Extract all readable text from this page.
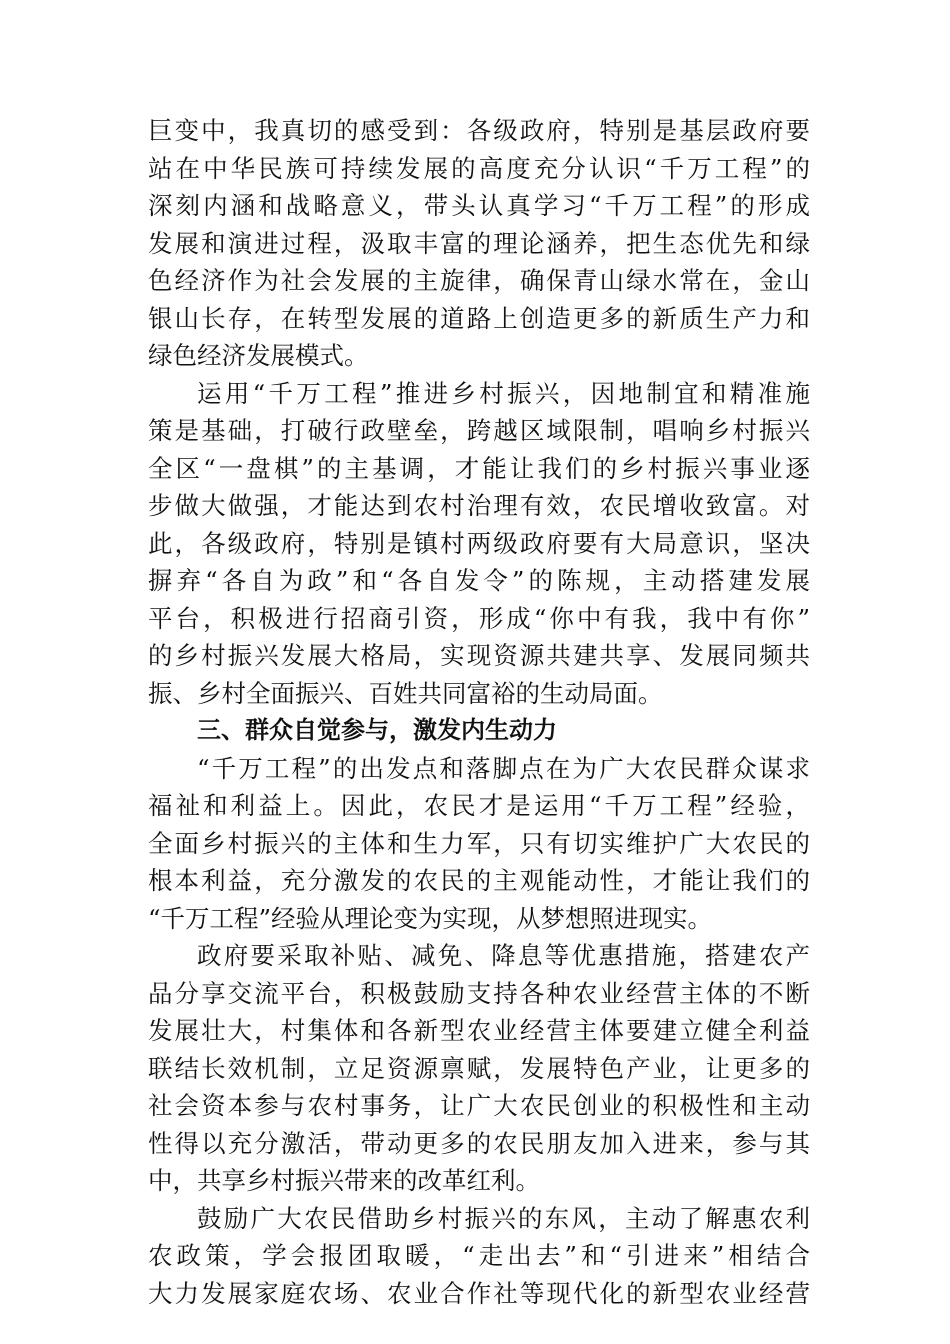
巨变中，我真切的感受到：各级政府，特别是基层政府要
站在中华民族可持续发展的高度充分认识“千万工程”的
深刻内涵和战略意义，带头认真学习“千万工程”的形成
发展和演进过程，汲取丰富的理论涵养，把生态优先和绿
色经济作为社会发展的主旋律，确保青山绿水常在，金山
银山长存，在转型发展的道路上创造更多的新质生产力和
绿色经济发展模式。
运用“千万工程”推进乡村振兴，因地制宜和精准施
策是基础，打破行政壁垒，跨越区域限制，唱响乡村振兴
全区“一盘棋”的主基调，才能让我们的乡村振兴事业逐
步做大做强，才能达到农村治理有效，农民增收致富。对
此，各级政府，特别是镇村两级政府要有大局意识，坚决
摒弃“各自为政”和“各自发令”的陈规，主动搭建发展
平台，积极进行招商引资，形成“你中有我，我中有你”
的乡村振兴发展大格局，实现资源共建共享、发展同频共
振、乡村全面振兴、百姓共同富裕的生动局面。
三、群众自觉参与，激发内生动力
“千万工程”的出发点和落脚点在为广大农民群众谋求
福祉和利益上。因此，农民才是运用“千万工程”经验，
全面乡村振兴的主体和生力军，只有切实维护广大农民的
根本利益，充分激发的农民的主观能动性，才能让我们的
“千万工程”经验从理论变为实现，从梦想照进现实。
政府要采取补贴、减免、降息等优惠措施，搭建农产
品分享交流平台，积极鼓励支持各种农业经营主体的不断
发展壮大，村集体和各新型农业经营主体要建立健全利益
联结长效机制，立足资源禀赋，发展特色产业，让更多的
社会资本参与农村事务，让广大农民创业的积极性和主动
性得以充分激活，带动更多的农民朋友加入进来，参与其
中，共享乡村振兴带来的改革红利。
鼓励广大农民借助乡村振兴的东风，主动了解惠农利
农政策，学会报团取暖，“走出去”和“引进来”相结合
大力发展家庭农场、农业合作社等现代化的新型农业经营
